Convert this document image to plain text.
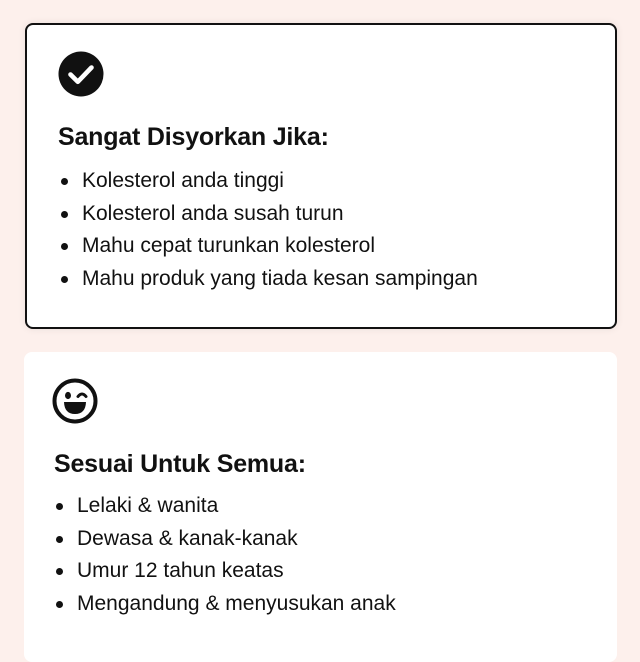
Sangat Disyorkan Jika:
Kolesterol anda tinggi
Kolesterol anda susah turun
Mahu cepat turunkan kolesterol
Mahu produk yang tiada kesan sampingan
Sesuai Untuk Semua:
Lelaki & wanita
Dewasa & kanak-kanak
Umur 12 tahun keatas
Mengandung & menyusukan anak
